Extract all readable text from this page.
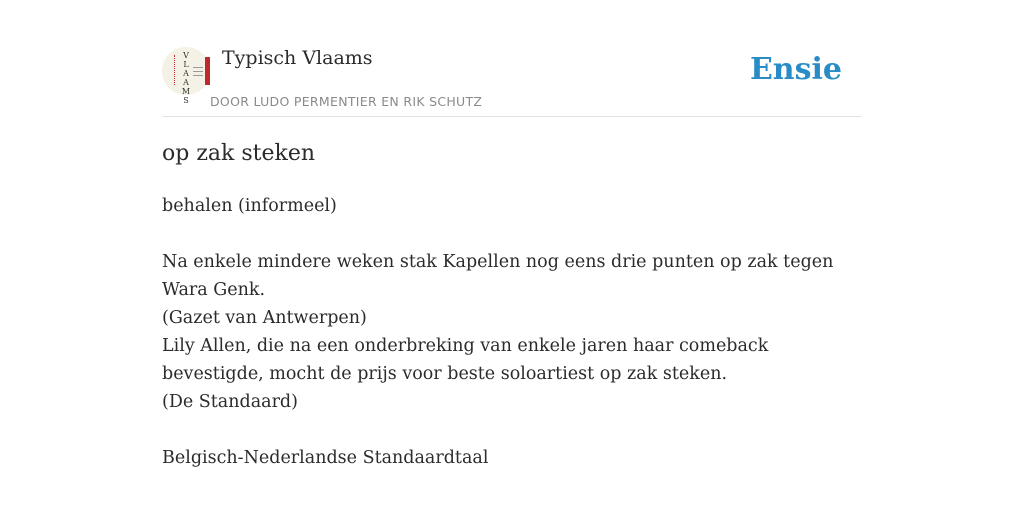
V
L
A
A
M
S
Typisch Vlaams
DOOR LUDO PERMENTIER EN RIK SCHUTZ
Ensie
op zak steken

behalen (informeel)

Na enkele mindere weken stak Kapellen nog eens drie punten op zak tegen Wara Genk.

(Gazet van Antwerpen)

Lily Allen, die na een onderbreking van enkele jaren haar comeback bevestigde, mocht de prijs voor beste soloartiest op zak steken.

(De Standaard)

Belgisch-Nederlandse Standaardtaal
